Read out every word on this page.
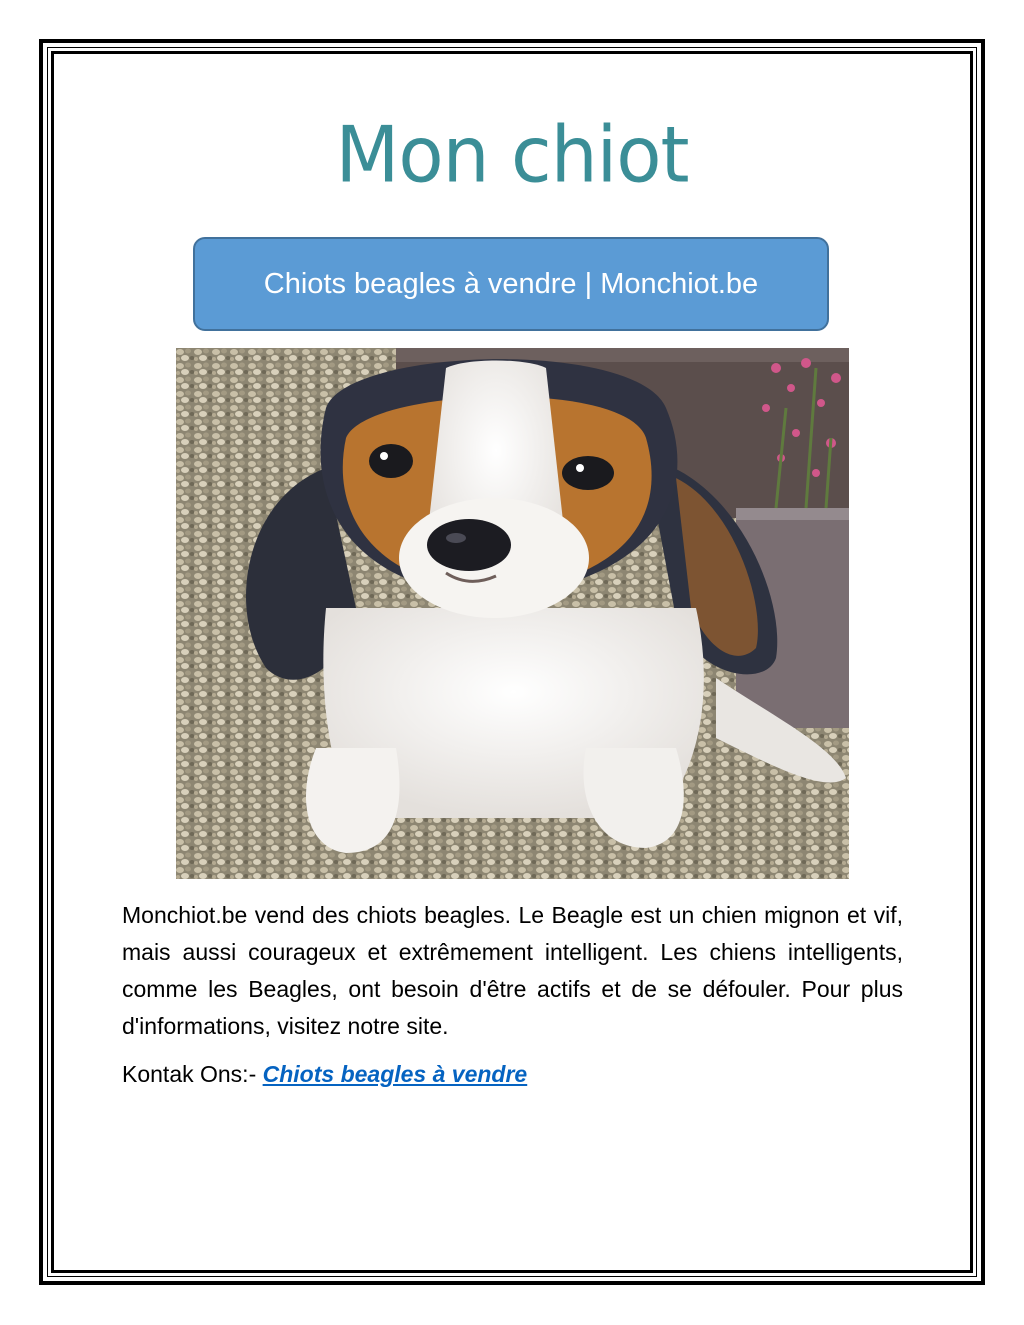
Mon chiot
Chiots beagles à vendre | Monchiot.be

Monchiot.be vend des chiots beagles. Le Beagle est un chien mignon et vif, mais aussi courageux et extrêmement intelligent. Les chiens intelligents, comme les Beagles, ont besoin d'être actifs et de se défouler. Pour plus d'informations, visitez notre site.

Kontak Ons:- Chiots beagles à vendre
